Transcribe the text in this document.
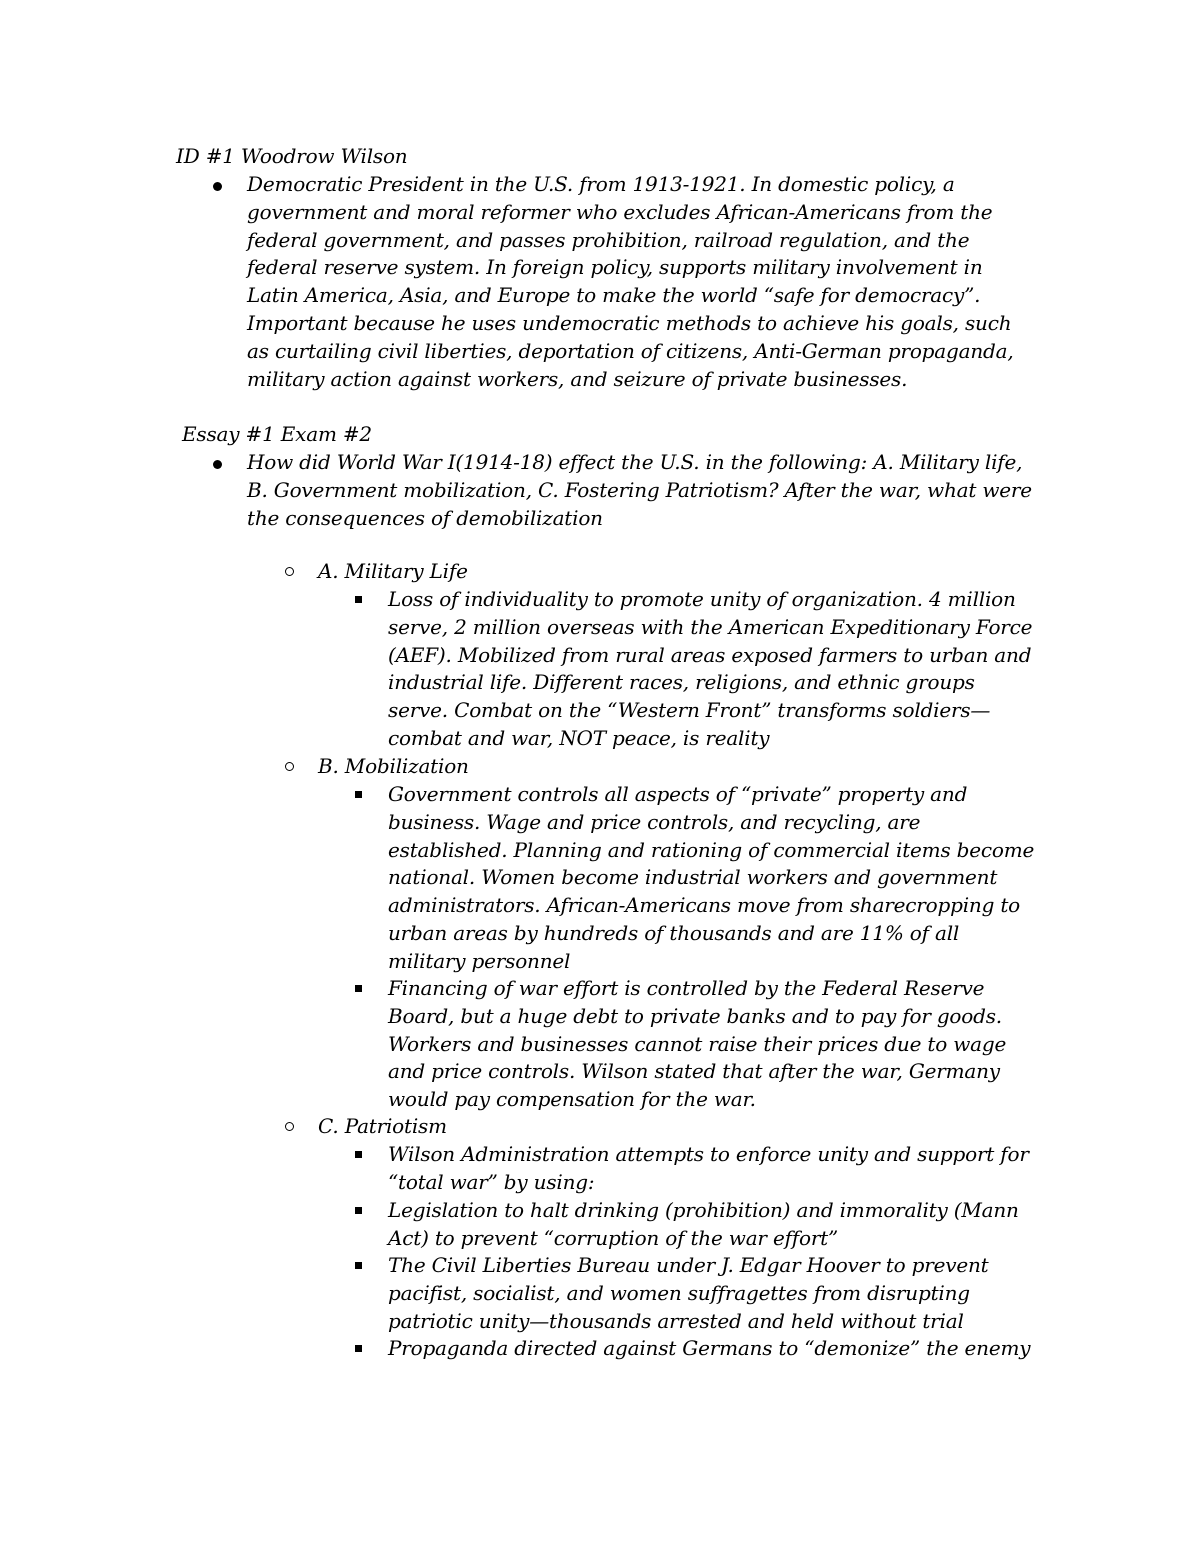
ID #1 Woodrow Wilson
Democratic President in the U.S. from 1913-1921. In domestic policy, a government and moral reformer who excludes African-Americans from the federal government, and passes prohibition, railroad regulation, and the federal reserve system. In foreign policy, supports military involvement in Latin America, Asia, and Europe to make the world “safe for democracy”. Important because he uses undemocratic methods to achieve his goals, such as curtailing civil liberties, deportation of citizens, Anti-German propaganda, military action against workers, and seizure of private businesses.
Essay #1 Exam #2
How did World War I(1914-18) effect the U.S. in the following: A. Military life, B. Government mobilization, C. Fostering Patriotism? After the war, what were the consequences of demobilization
A. Military Life
Loss of individuality to promote unity of organization. 4 million serve, 2 million overseas with the American Expeditionary Force (AEF). Mobilized from rural areas exposed farmers to urban and industrial life. Different races, religions, and ethnic groups serve. Combat on the “Western Front” transforms soldiers—combat and war, NOT peace, is reality
B. Mobilization
Government controls all aspects of “private” property and business. Wage and price controls, and recycling, are established. Planning and rationing of commercial items become national. Women become industrial workers and government administrators. African-Americans move from sharecropping to urban areas by hundreds of thousands and are 11% of all military personnel
Financing of war effort is controlled by the Federal Reserve Board, but a huge debt to private banks and to pay for goods. Workers and businesses cannot raise their prices due to wage and price controls. Wilson stated that after the war, Germany would pay compensation for the war.
C. Patriotism
Wilson Administration attempts to enforce unity and support for “total war” by using:
Legislation to halt drinking (prohibition) and immorality (Mann Act) to prevent “corruption of the war effort”
The Civil Liberties Bureau under J. Edgar Hoover to prevent pacifist, socialist, and women suffragettes from disrupting patriotic unity—thousands arrested and held without trial
Propaganda directed against Germans to “demonize” the enemy
